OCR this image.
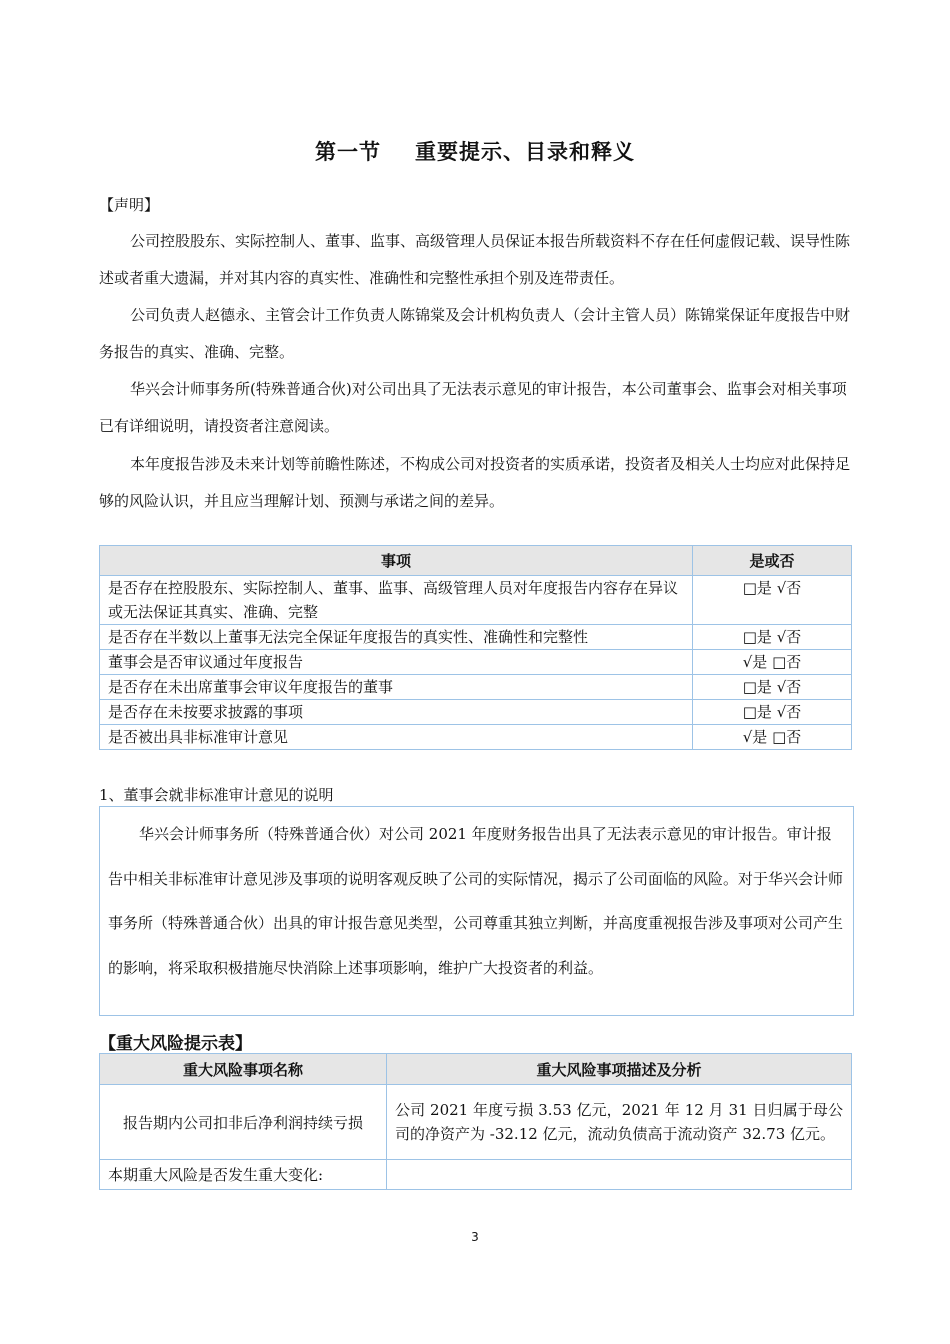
第一节 重要提示、目录和释义
【声明】
公司控股股东、实际控制人、董事、监事、高级管理人员保证本报告所载资料不存在任何虚假记载、误导性陈述或者重大遗漏，并对其内容的真实性、准确性和完整性承担个别及连带责任。
公司负责人赵德永、主管会计工作负责人陈锦棠及会计机构负责人（会计主管人员）陈锦棠保证年度报告中财务报告的真实、准确、完整。
华兴会计师事务所(特殊普通合伙)对公司出具了无法表示意见的审计报告，本公司董事会、监事会对相关事项已有详细说明，请投资者注意阅读。
本年度报告涉及未来计划等前瞻性陈述，不构成公司对投资者的实质承诺，投资者及相关人士均应对此保持足够的风险认识，并且应当理解计划、预测与承诺之间的差异。
事项	是或否
是否存在控股股东、实际控制人、董事、监事、高级管理人员对年度报告内容存在异议或无法保证其真实、准确、完整	□是 √否
是否存在半数以上董事无法完全保证年度报告的真实性、准确性和完整性	□是 √否
董事会是否审议通过年度报告	√是 □否
是否存在未出席董事会审议年度报告的董事	□是 √否
是否存在未按要求披露的事项	□是 √否
是否被出具非标准审计意见	√是 □否
1、董事会就非标准审计意见的说明
华兴会计师事务所（特殊普通合伙）对公司 2021 年度财务报告出具了无法表示意见的审计报告。审计报告中相关非标准审计意见涉及事项的说明客观反映了公司的实际情况，揭示了公司面临的风险。对于华兴会计师事务所（特殊普通合伙）出具的审计报告意见类型，公司尊重其独立判断，并高度重视报告涉及事项对公司产生的影响，将采取积极措施尽快消除上述事项影响，维护广大投资者的利益。
【重大风险提示表】
重大风险事项名称	重大风险事项描述及分析
报告期内公司扣非后净利润持续亏损	公司 2021 年度亏损 3.53 亿元，2021 年 12 月 31 日归属于母公司的净资产为 -32.12 亿元，流动负债高于流动资产 32.73 亿元。
本期重大风险是否发生重大变化:	
3
